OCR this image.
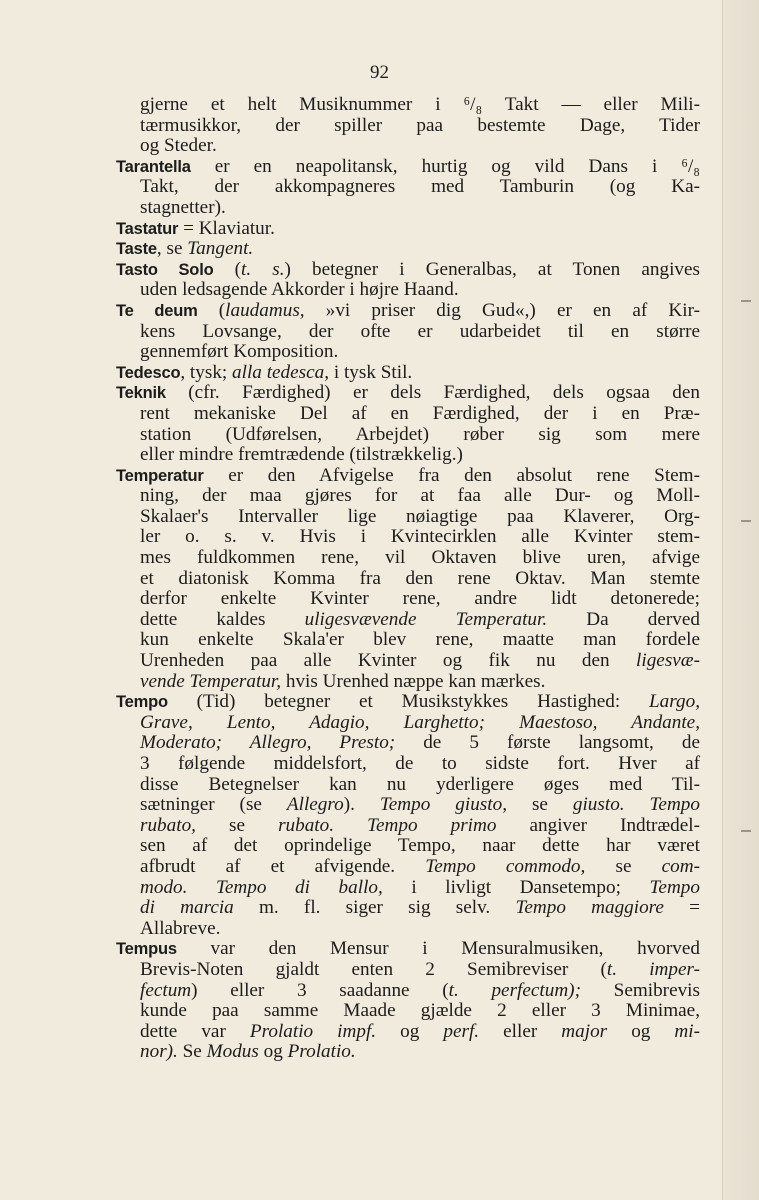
92
gjerne et helt Musiknummer i ⁶/₈ Takt — eller Mili-
tærmusikkor, der spiller paa bestemte Dage, Tider
og Steder.
Tarantella er en neapolitansk, hurtig og vild Dans i ⁶/₈
Takt, der akkompagneres med Tamburin (og Ka-
stagnetter).
Tastatur = Klaviatur.
Taste, se Tangent.
Tasto Solo (t. s.) betegner i Generalbas, at Tonen angives
uden ledsagende Akkorder i højre Haand.
Te deum (laudamus, »vi priser dig Gud«,) er en af Kir-
kens Lovsange, der ofte er udarbeidet til en større
gennemført Komposition.
Tedesco, tysk; alla tedesca, i tysk Stil.
Teknik (cfr. Færdighed) er dels Færdighed, dels ogsaa den
rent mekaniske Del af en Færdighed, der i en Præ-
station (Udførelsen, Arbejdet) røber sig som mere
eller mindre fremtrædende (tilstrækkelig.)
Temperatur er den Afvigelse fra den absolut rene Stem-
ning, der maa gjøres for at faa alle Dur- og Moll-
Skalaer's Intervaller lige nøiagtige paa Klaverer, Org-
ler o. s. v. Hvis i Kvintecirklen alle Kvinter stem-
mes fuldkommen rene, vil Oktaven blive uren, afvige
et diatonisk Komma fra den rene Oktav. Man stemte
derfor enkelte Kvinter rene, andre lidt detonerede;
dette kaldes uligesvævende Temperatur. Da derved
kun enkelte Skala'er blev rene, maatte man fordele
Urenheden paa alle Kvinter og fik nu den ligesvæ-
vende Temperatur, hvis Urenhed næppe kan mærkes.
Tempo (Tid) betegner et Musikstykkes Hastighed: Largo,
Grave, Lento, Adagio, Larghetto; Maestoso, Andante,
Moderato; Allegro, Presto; de 5 første langsomt, de
3 følgende middelsfort, de to sidste fort. Hver af
disse Betegnelser kan nu yderligere øges med Til-
sætninger (se Allegro). Tempo giusto, se giusto. Tempo
rubato, se rubato. Tempo primo angiver Indtrædel-
sen af det oprindelige Tempo, naar dette har været
afbrudt af et afvigende. Tempo commodo, se com-
modo. Tempo di ballo, i livligt Dansetempo; Tempo
di marcia m. fl. siger sig selv. Tempo maggiore =
Allabreve.
Tempus var den Mensur i Mensuralmusiken, hvorved
Brevis-Noten gjaldt enten 2 Semibreviser (t. imper-
fectum) eller 3 saadanne (t. perfectum); Semibrevis
kunde paa samme Maade gjælde 2 eller 3 Minimae,
dette var Prolatio impf. og perf. eller major og mi-
nor). Se Modus og Prolatio.
